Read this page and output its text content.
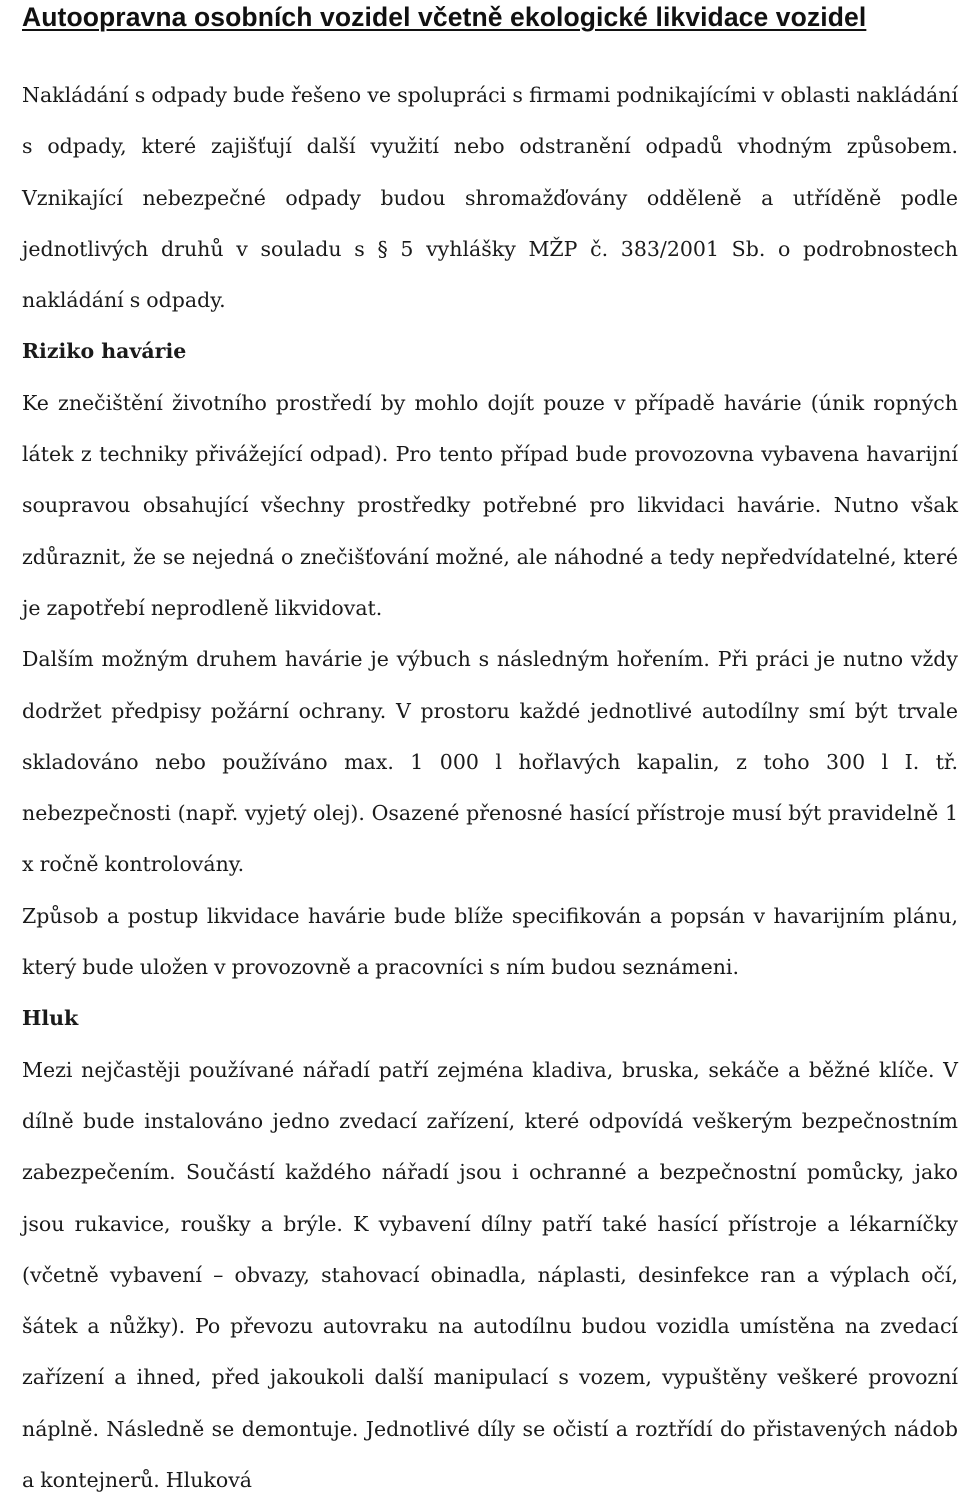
Autoopravna osobních vozidel včetně ekologické likvidace vozidel

Nakládání s odpady bude řešeno ve spolupráci s firmami podnikajícími v oblasti nakládání s odpady, které zajišťují další využití nebo odstranění odpadů vhodným způsobem. Vznikající nebezpečné odpady budou shromažďovány odděleně a utříděně podle jednotlivých druhů v souladu s § 5 vyhlášky MŽP č. 383/2001 Sb. o podrobnostech nakládání s odpady.

Riziko havárie

Ke znečištění životního prostředí by mohlo dojít pouze v případě havárie (únik ropných látek z techniky přivážející odpad). Pro tento případ bude provozovna vybavena havarijní soupravou obsahující všechny prostředky potřebné pro likvidaci havárie. Nutno však zdůraznit, že se nejedná o znečišťování možné, ale náhodné a tedy nepředvídatelné, které je zapotřebí neprodleně likvidovat.

Dalším možným druhem havárie je výbuch s následným hořením. Při práci je nutno vždy dodržet předpisy požární ochrany. V prostoru každé jednotlivé autodílny smí být trvale skladováno nebo používáno max. 1 000 l hořlavých kapalin, z toho 300 l I. tř. nebezpečnosti (např. vyjetý olej). Osazené přenosné hasící přístroje musí být pravidelně 1 x ročně kontrolovány.

Způsob a postup likvidace havárie bude blíže specifikován a popsán v havarijním plánu, který bude uložen v provozovně a pracovníci s ním budou seznámeni.

Hluk

Mezi nejčastěji používané nářadí patří zejména kladiva, bruska, sekáče a běžné klíče. V dílně bude instalováno jedno zvedací zařízení, které odpovídá veškerým bezpečnostním zabezpečením. Součástí každého nářadí jsou i ochranné a bezpečnostní pomůcky, jako jsou rukavice, roušky a brýle. K vybavení dílny patří také hasící přístroje a lékarníčky (včetně vybavení – obvazy, stahovací obinadla, náplasti, desinfekce ran a výplach očí, šátek a nůžky). Po převozu autovraku na autodílnu budou vozidla umístěna na zvedací zařízení a ihned, před jakoukoli další manipulací s vozem, vypuštěny veškeré provozní náplně. Následně se demontuje. Jednotlivé díly se očistí a roztřídí do přistavených nádob a kontejnerů. Hluková
